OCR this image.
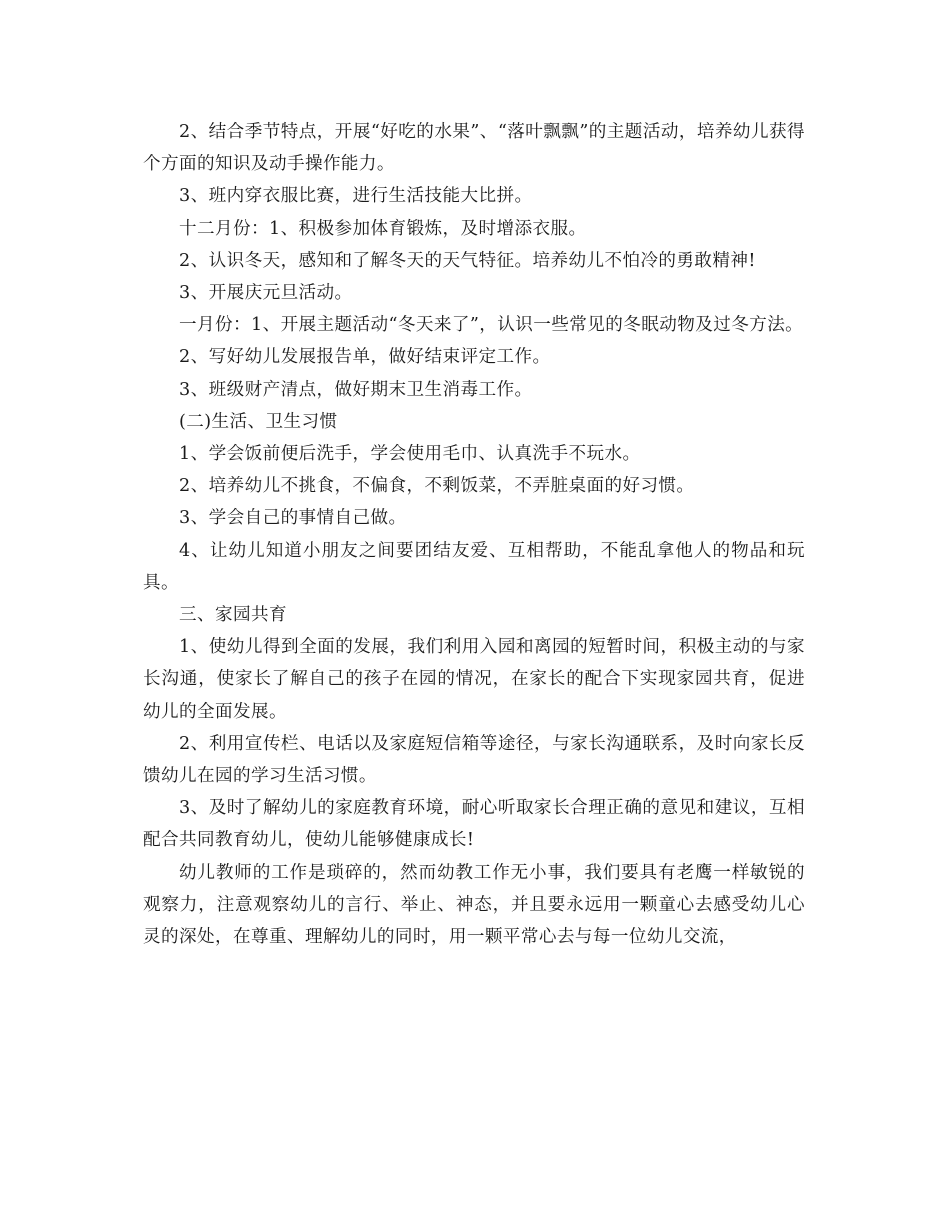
2、结合季节特点，开展“好吃的水果”、“落叶飘飘”的主题活动，培养幼儿获得个方面的知识及动手操作能力。

3、班内穿衣服比赛，进行生活技能大比拼。

十二月份：1、积极参加体育锻炼，及时增添衣服。

2、认识冬天，感知和了解冬天的天气特征。培养幼儿不怕冷的勇敢精神!

3、开展庆元旦活动。

一月份：1、开展主题活动“冬天来了”，认识一些常见的冬眠动物及过冬方法。

2、写好幼儿发展报告单，做好结束评定工作。

3、班级财产清点，做好期末卫生消毒工作。

(二)生活、卫生习惯

1、学会饭前便后洗手，学会使用毛巾、认真洗手不玩水。

2、培养幼儿不挑食，不偏食，不剩饭菜，不弄脏桌面的好习惯。

3、学会自己的事情自己做。

4、让幼儿知道小朋友之间要团结友爱、互相帮助，不能乱拿他人的物品和玩具。

三、家园共育

1、使幼儿得到全面的发展，我们利用入园和离园的短暂时间，积极主动的与家长沟通，使家长了解自己的孩子在园的情况，在家长的配合下实现家园共育，促进幼儿的全面发展。

2、利用宣传栏、电话以及家庭短信箱等途径，与家长沟通联系，及时向家长反馈幼儿在园的学习生活习惯。

3、及时了解幼儿的家庭教育环境，耐心听取家长合理正确的意见和建议，互相配合共同教育幼儿，使幼儿能够健康成长!

幼儿教师的工作是琐碎的，然而幼教工作无小事，我们要具有老鹰一样敏锐的观察力，注意观察幼儿的言行、举止、神态，并且要永远用一颗童心去感受幼儿心灵的深处，在尊重、理解幼儿的同时，用一颗平常心去与每一位幼儿交流，
